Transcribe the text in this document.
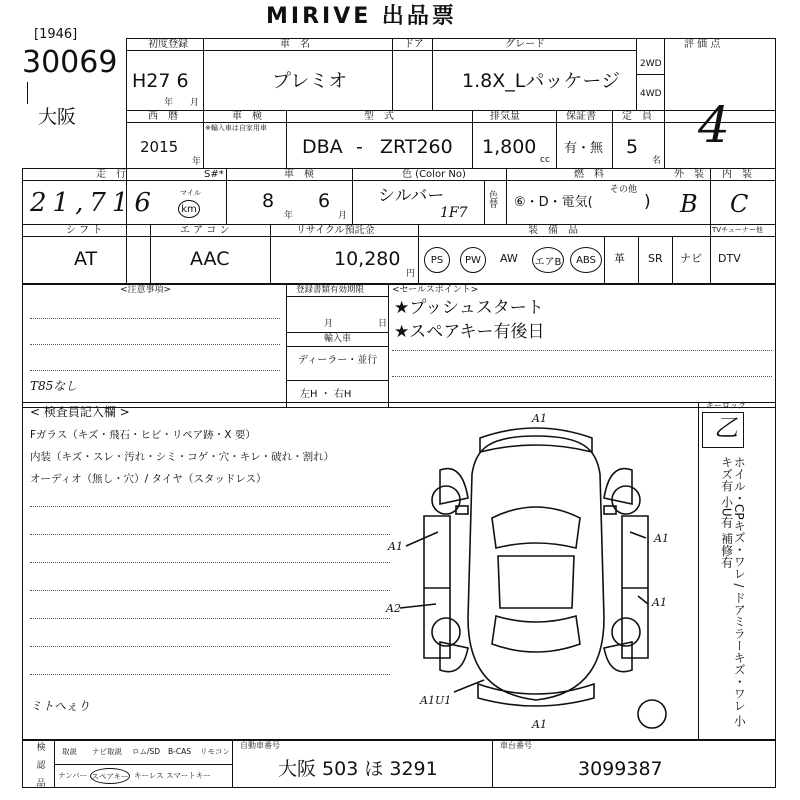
MIRIVE 出品票
[1946]
30069
大阪
初度登録
H27 6
年 月
車　名
プレミオ
ドア	グレード
1.8X_Lパッケージ
2WD
4WD
評 価 点
4
西　暦
2015
年
車　検
※輸入車は自家用車
型　式
DBA - ZRT260
排気量
1,800
cc
保証書
有・無
定　員
5
名
走　行	S#*
21,716	マイル
km
車　検
8
年
6
月
色 (Color No)
シルバー
1F7
色替
燃　料
その他
⑥・D・電気(	)
外　装
B
内　装
C
シ フ ト
AT
エ ア コ ン
AAC
リサイクル預託金
10,280
円
装　備　品	TVチューナー他
PS PW AW エアB ABS 革 SR ナビ DTV
<注意事項>
T85なし
登録書類有効期限
月	日
輸入車
ディーラー・並行
左H ・ 右H
<セールスポイント>
★プッシュスタート
★スペアキー有後日
< 検査員記入欄 >
Fガラス（キズ・飛石・ヒビ・リペア跡・X 要）
内装（キズ・スレ・汚れ・シミ・コゲ・穴・キレ・破れ・割れ）
オーディオ（無し・穴）/ タイヤ（スタッドレス）
ミトへぇり
キーロック
乙
ホイル・CPキズ・ワレ / ドアミラーキズ・ワレ 小キズ有 小U有 補修有
A1
A1
A1
A2	A1
A1U1
A1
検　認　品 取説 ナビ取説 ロム/SD B-CAS リモコン
ナンバー スペアキー キーレス スマートキー
自動車番号
大阪 503 ほ 3291
車台番号
3099387
